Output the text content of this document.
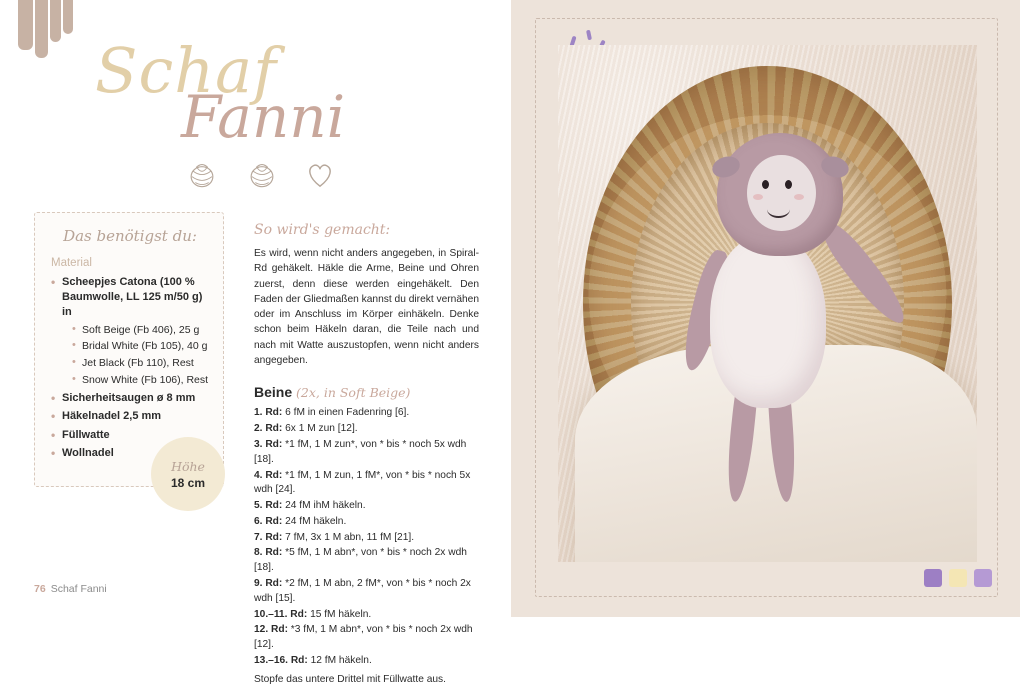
Schaf
Fanni
Das benötigst du:
Material
• Scheepjes Catona (100 % Baumwolle, LL 125 m/50 g) in
• Soft Beige (Fb 406), 25 g
• Bridal White (Fb 105), 40 g
• Jet Black (Fb 110), Rest
• Snow White (Fb 106), Rest
• Sicherheitsaugen ø 8 mm
• Häkelnadel 2,5 mm
• Füllwatte
• Wollnadel
Höhe
18 cm
So wird's gemacht:

Es wird, wenn nicht anders angegeben, in Spiral-Rd gehäkelt. Häkle die Arme, Beine und Ohren zuerst, denn diese werden eingehäkelt. Den Faden der Gliedmaßen kannst du direkt vernähen oder im Anschluss im Körper einhäkeln. Denke schon beim Häkeln daran, die Teile nach und nach mit Watte auszustopfen, wenn nicht anders angegeben.

Beine (2x, in Soft Beige)

1. Rd: 6 fM in einen Fadenring [6].

2. Rd: 6x 1 M zun [12].

3. Rd: *1 fM, 1 M zun*, von * bis * noch 5x wdh [18].

4. Rd: *1 fM, 1 M zun, 1 fM*, von * bis * noch 5x wdh [24].

5. Rd: 24 fM ihM häkeln.

6. Rd: 24 fM häkeln.

7. Rd: 7 fM, 3x 1 M abn, 11 fM [21].

8. Rd: *5 fM, 1 M abn*, von * bis * noch 2x wdh [18].

9. Rd: *2 fM, 1 M abn, 2 fM*, von * bis * noch 2x wdh [15].

10.–11. Rd: 15 fM häkeln.

12. Rd: *3 fM, 1 M abn*, von * bis * noch 2x wdh [12].

13.–16. Rd: 12 fM häkeln.

Stopfe das untere Drittel mit Füllwatte aus.

76 Schaf Fanni
